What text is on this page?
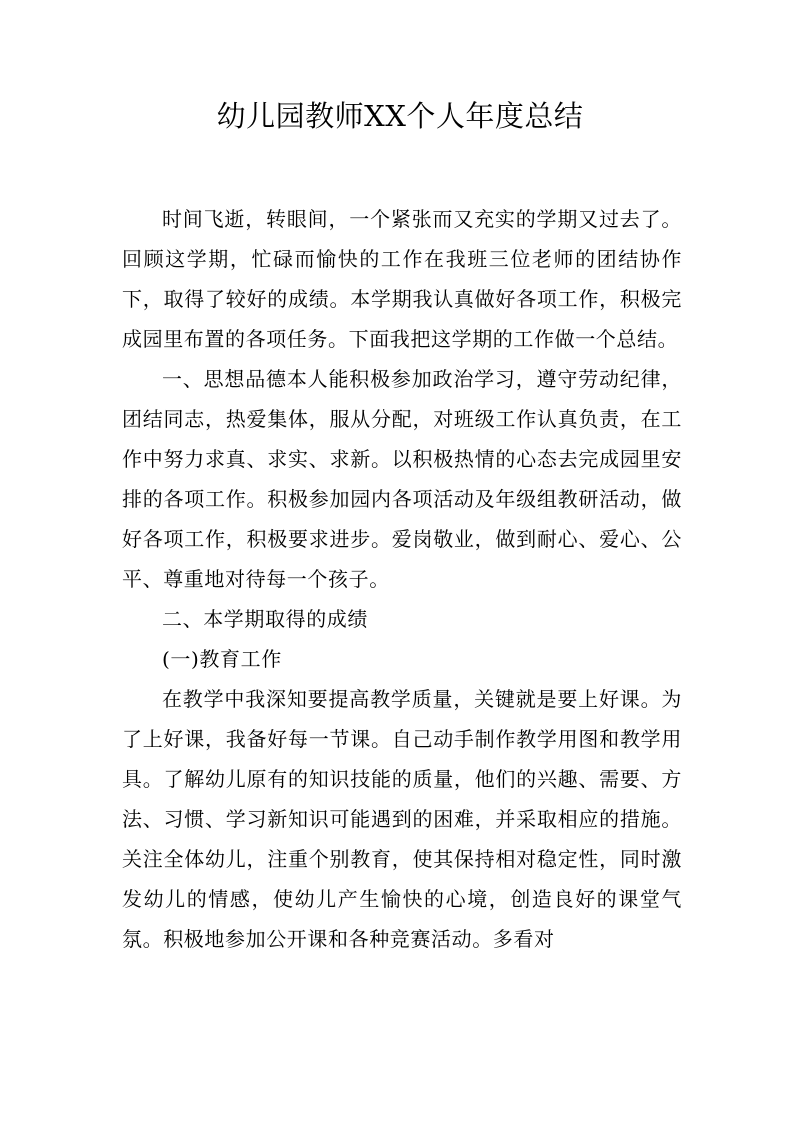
幼儿园教师XX个人年度总结

时间飞逝，转眼间，一个紧张而又充实的学期又过去了。回顾这学期，忙碌而愉快的工作在我班三位老师的团结协作下，取得了较好的成绩。本学期我认真做好各项工作，积极完成园里布置的各项任务。下面我把这学期的工作做一个总结。

一、思想品德本人能积极参加政治学习，遵守劳动纪律，团结同志，热爱集体，服从分配，对班级工作认真负责，在工作中努力求真、求实、求新。以积极热情的心态去完成园里安排的各项工作。积极参加园内各项活动及年级组教研活动，做好各项工作，积极要求进步。爱岗敬业，做到耐心、爱心、公平、尊重地对待每一个孩子。

二、本学期取得的成绩

(一)教育工作

在教学中我深知要提高教学质量，关键就是要上好课。为了上好课，我备好每一节课。自己动手制作教学用图和教学用具。了解幼儿原有的知识技能的质量，他们的兴趣、需要、方法、习惯、学习新知识可能遇到的困难，并采取相应的措施。关注全体幼儿，注重个别教育，使其保持相对稳定性，同时激发幼儿的情感，使幼儿产生愉快的心境，创造良好的课堂气氛。积极地参加公开课和各种竞赛活动。多看对
